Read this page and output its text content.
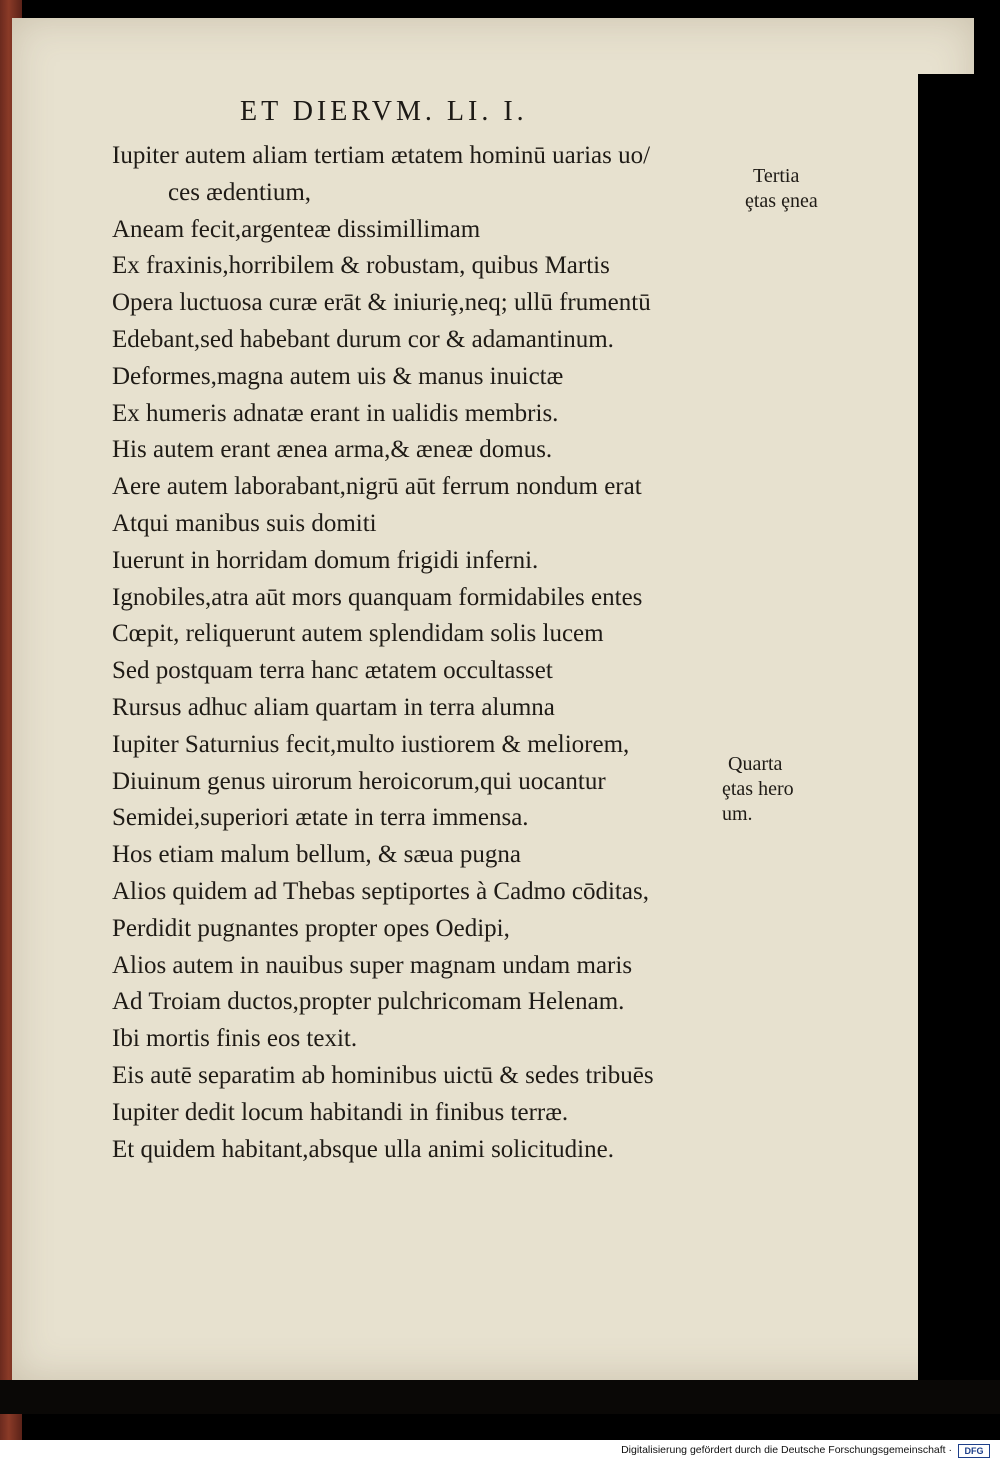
ET DIERVM. LI. I.
Iupiter autem aliam tertiam ætatem hominū uarias uo/
ces ædentium,
Aneam fecit,argenteæ dissimillimam
Ex fraxinis,horribilem & robustam, quibus Martis
Opera luctuosa curæ erāt & iniuriȩ,neq; ullū frumentū
Edebant,sed habebant durum cor & adamantinum.
Deformes,magna autem uis & manus inuictæ
Ex humeris adnatæ erant in ualidis membris.
His autem erant ænea arma,& æneæ domus.
Aere autem laborabant,nigrū aūt ferrum nondum erat
Atqui manibus suis domiti
Iuerunt in horridam domum frigidi inferni.
Ignobiles,atra aūt mors quanquam formidabiles entes
Cœpit, reliquerunt autem splendidam solis lucem
Sed postquam terra hanc ætatem occultasset
Rursus adhuc aliam quartam in terra alumna
Iupiter Saturnius fecit,multo iustiorem & meliorem,
Diuinum genus uirorum heroicorum,qui uocantur
Semidei,superiori ætate in terra immensa.
Hos etiam malum bellum, & sæua pugna
Alios quidem ad Thebas septiportes à Cadmo cōditas,
Perdidit pugnantes propter opes Oedipi,
Alios autem in nauibus super magnam undam maris
Ad Troiam ductos,propter pulchricomam Helenam.
Ibi mortis finis eos texit.
Eis autē separatim ab hominibus uictū & sedes tribuēs
Iupiter dedit locum habitandi in finibus terræ.
Et quidem habitant,absque ulla animi solicitudine.
Tertia
ȩtas ȩnea
Quarta
ȩtas hero
um.
Digitalisierung gefördert durch die Deutsche Forschungsgemeinschaft ·	DFG
